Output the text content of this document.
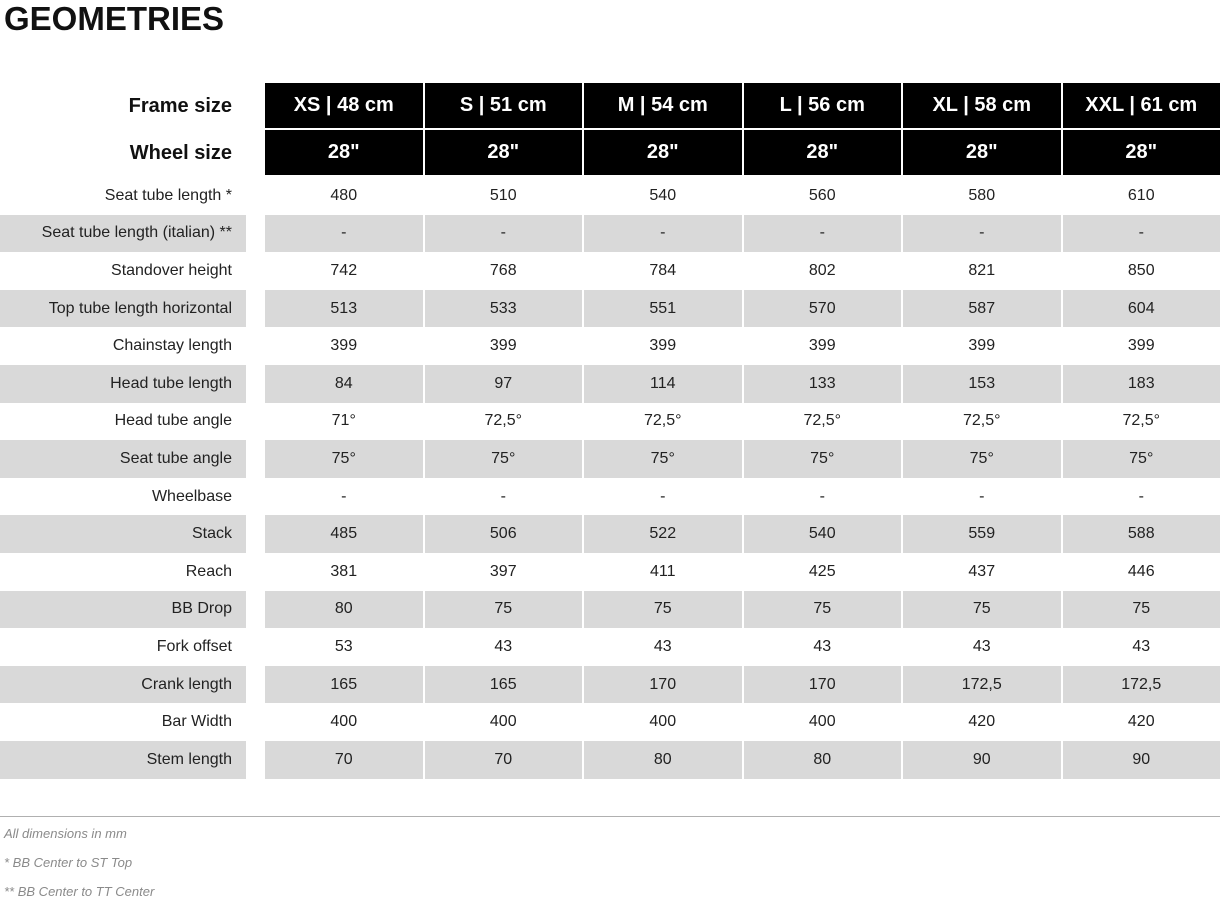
GEOMETRIES
Frame size	XS | 48 cm	S | 51 cm	M | 54 cm	L | 56 cm	XL | 58 cm	XXL | 61 cm
Wheel size	28"	28"	28"	28"	28"	28"
Seat tube length *	480	510	540	560	580	610
Seat tube length (italian) **	-	-	-	-	-	-
Standover height	742	768	784	802	821	850
Top tube length horizontal	513	533	551	570	587	604
Chainstay length	399	399	399	399	399	399
Head tube length	84	97	114	133	153	183
Head tube angle	71°	72,5°	72,5°	72,5°	72,5°	72,5°
Seat tube angle	75°	75°	75°	75°	75°	75°
Wheelbase	-	-	-	-	-	-
Stack	485	506	522	540	559	588
Reach	381	397	411	425	437	446
BB Drop	80	75	75	75	75	75
Fork offset	53	43	43	43	43	43
Crank length	165	165	170	170	172,5	172,5
Bar Width	400	400	400	400	420	420
Stem length	70	70	80	80	90	90
All dimensions in mm
* BB Center to ST Top
** BB Center to TT Center
